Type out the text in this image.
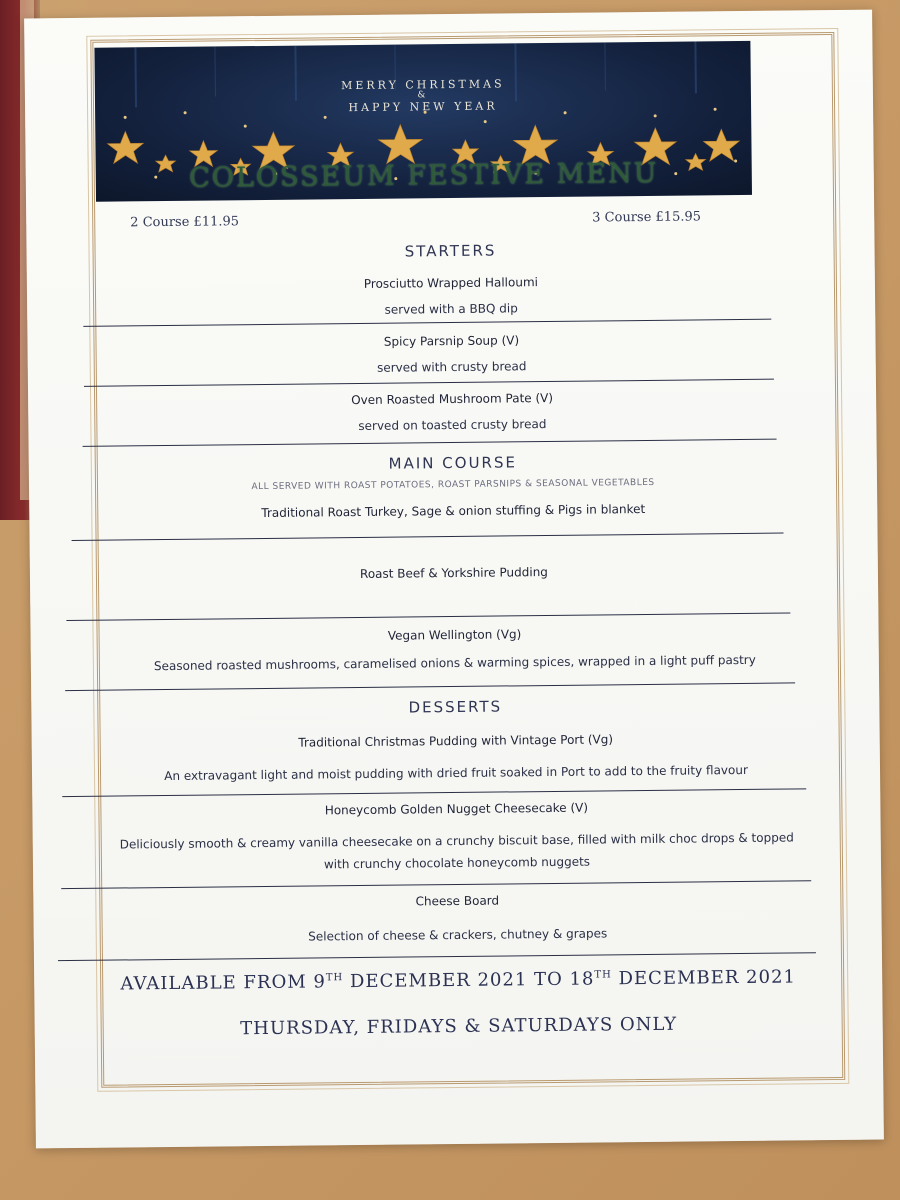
MERRY CHRISTMAS
&
HAPPY NEW YEAR
COLOSSEUM FESTIVE MENU
2 Course £11.95	3 Course £15.95
STARTERS
Prosciutto Wrapped Halloumi
served with a BBQ dip
Spicy Parsnip Soup (V)
served with crusty bread
Oven Roasted Mushroom Pate (V)
served on toasted crusty bread
MAIN COURSE
ALL SERVED WITH ROAST POTATOES, ROAST PARSNIPS & SEASONAL VEGETABLES
Traditional Roast Turkey, Sage & onion stuffing & Pigs in blanket
Roast Beef & Yorkshire Pudding
Vegan Wellington (Vg)
Seasoned roasted mushrooms, caramelised onions & warming spices, wrapped in a light puff pastry
DESSERTS
Traditional Christmas Pudding with Vintage Port (Vg)
An extravagant light and moist pudding with dried fruit soaked in Port to add to the fruity flavour
Honeycomb Golden Nugget Cheesecake (V)
Deliciously smooth & creamy vanilla cheesecake on a crunchy biscuit base, filled with milk choc drops & topped
with crunchy chocolate honeycomb nuggets
Cheese Board
Selection of cheese & crackers, chutney & grapes
AVAILABLE FROM 9TH DECEMBER 2021 TO 18TH DECEMBER 2021
THURSDAY, FRIDAYS & SATURDAYS ONLY
